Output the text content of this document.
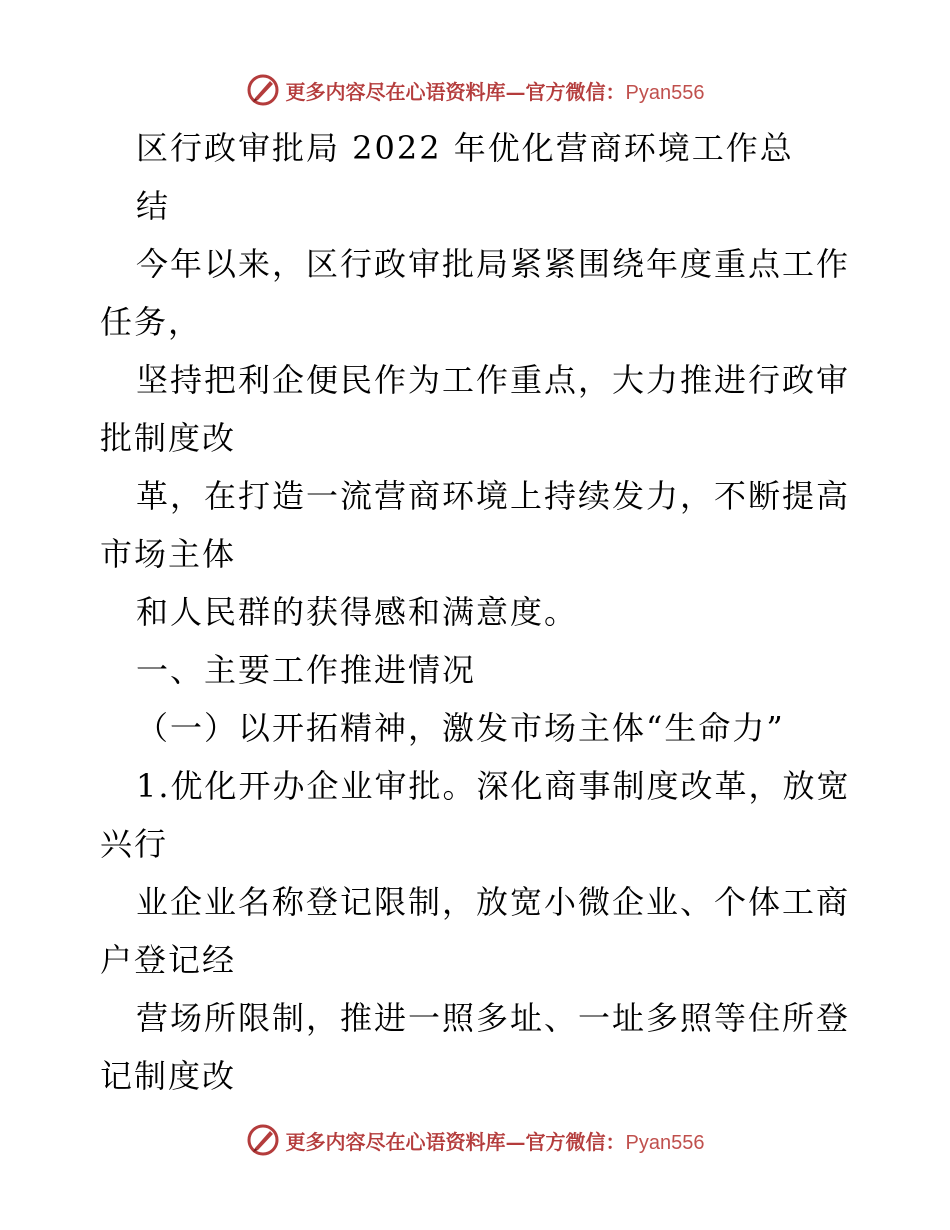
更多内容尽在心语资料库—官方微信：Pyan556

区行政审批局 2022 年优化营商环境工作总

结

今年以来，区行政审批局紧紧围绕年度重点工作

任务，

坚持把利企便民作为工作重点，大力推进行政审

批制度改

革，在打造一流营商环境上持续发力，不断提高

市场主体

和人民群的获得感和满意度。

一、主要工作推进情况

（一）以开拓精神，激发市场主体“生命力”

1.优化开办企业审批。深化商事制度改革，放宽

兴行

业企业名称登记限制，放宽小微企业、个体工商

户登记经

营场所限制，推进一照多址、一址多照等住所登

记制度改

更多内容尽在心语资料库—官方微信：Pyan556
